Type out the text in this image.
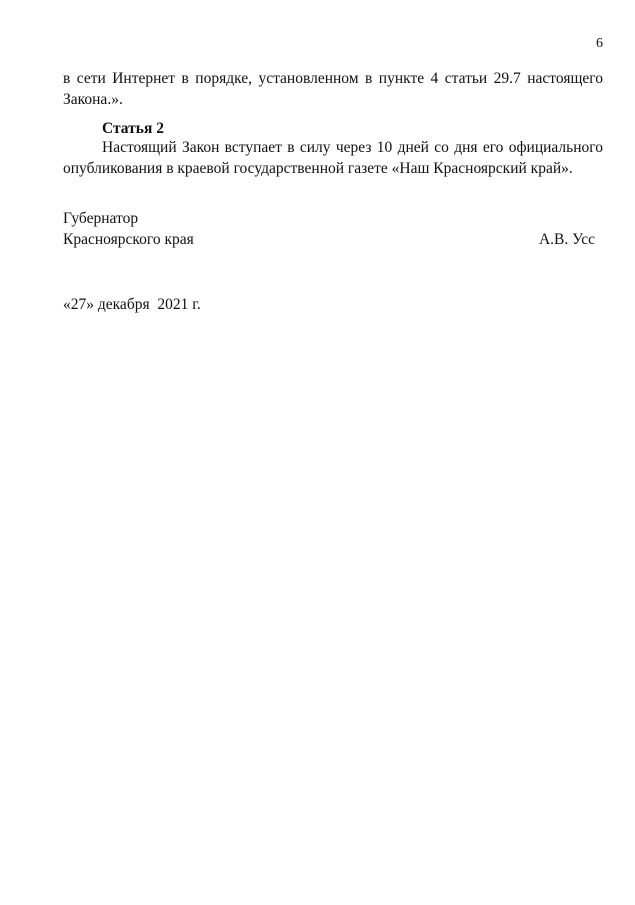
6
в сети Интернет в порядке, установленном в пункте 4 статьи 29.7 настоящего Закона.».
Статья 2
Настоящий Закон вступает в силу через 10 дней со дня его официального опубликования в краевой государственной газете «Наш Красноярский край».
Губернатор
Красноярского края	А.В. Усс
«27» декабря  2021 г.
